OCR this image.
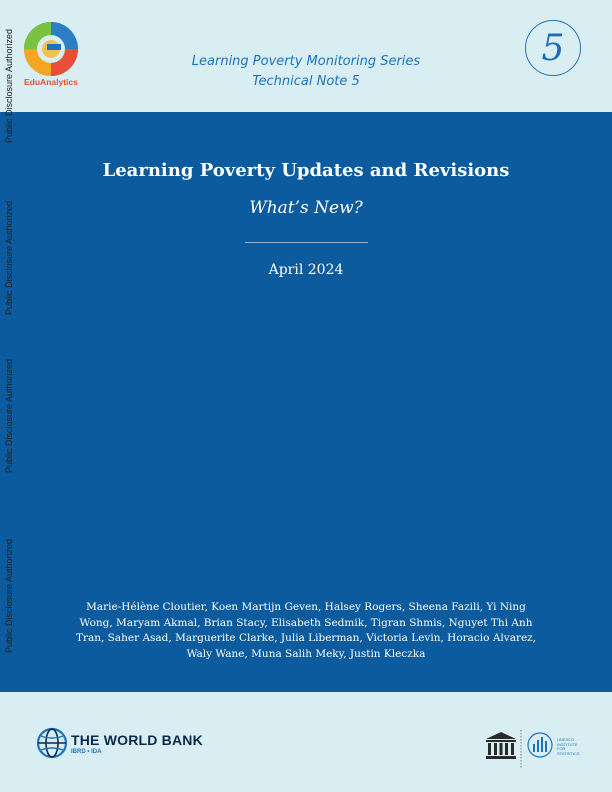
EduAnalytics
Learning Poverty Monitoring Series
Technical Note 5
5
Learning Poverty Updates and Revisions
What’s New?
April 2024
Marie-Hélène Cloutier, Koen Martijn Geven, Halsey Rogers, Sheena Fazili, Yi Ning Wong, Maryam Akmal, Brian Stacy, Elisabeth Sedmik, Tigran Shmis, Nguyet Thi Anh Tran, Saher Asad, Marguerite Clarke, Julia Liberman, Victoria Levin, Horacio Alvarez, Waly Wane, Muna Salih Meky, Justin Kleczka
Public Disclosure Authorized
Public Disclosure Authorized
Public Disclosure Authorized
Public Disclosure Authorized
THE WORLD BANK
IBRD • IDA
UNESCO
INSTITUTE
FOR
STATISTICS
